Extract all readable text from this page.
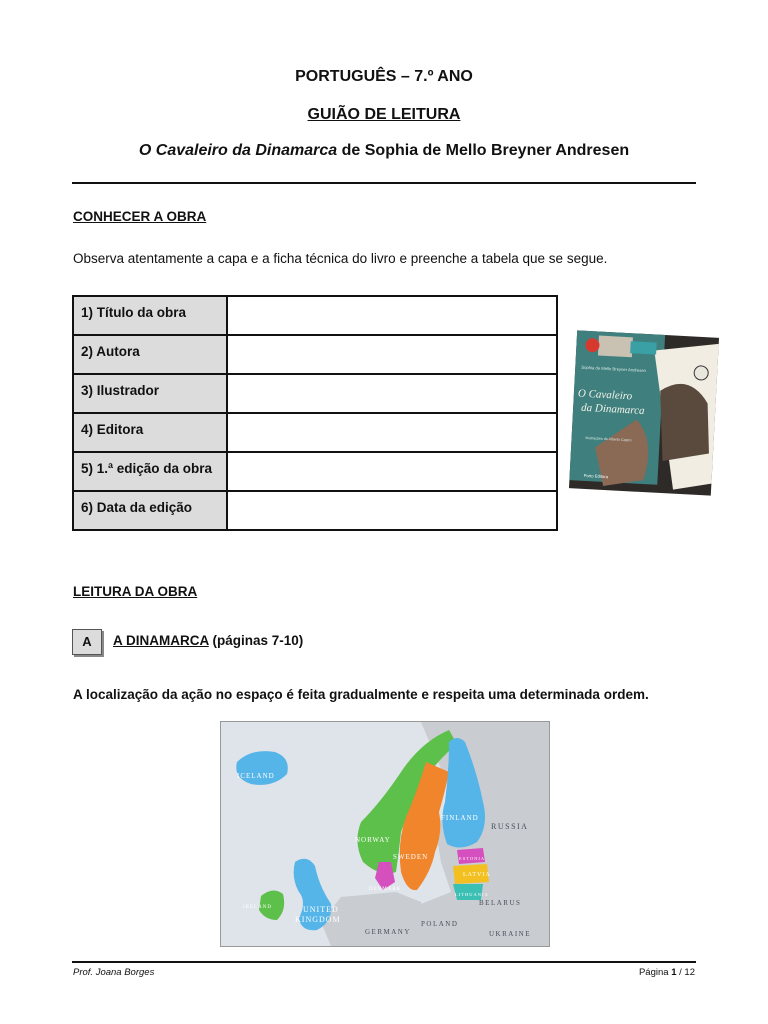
PORTUGUÊS – 7.º ANO
GUIÃO DE LEITURA
O Cavaleiro da Dinamarca de Sophia de Mello Breyner Andresen
CONHECER A OBRA
Observa atentamente a capa e a ficha técnica do livro e preenche a tabela que se segue.
1) Título da obra	
2) Autora	
3) Ilustrador	
4) Editora	
5) 1.ª edição da obra	
6) Data da edição	
Sophia de Mello Breyner Andresen
O Cavaleiro
da Dinamarca
ilustrações de Alberto Castro
Porto Editora
LEITURA DA OBRA
A	A DINAMARCA (páginas 7-10)
A localização da ação no espaço é feita gradualmente e respeita uma determinada ordem.
ICELAND
NORWAY
SWEDEN
FINLAND
DENMARK
ESTONIA
LATVIA
LITHUANIA
IRELAND	UNITED
KINGDOM
RUSSIA
BELARUS
POLAND
GERMANY	UKRAINE
Prof. Joana Borges	Página 1 / 12
